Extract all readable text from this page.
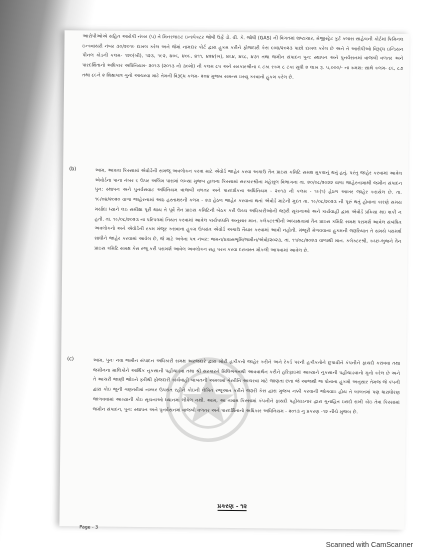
આરોપીઓએ સહિત આરોપી નંબર (૫) તે મિનરલાઇટ ઇન્સ્પેક્ટર જોષી ઉર્ફે ડો. વી. કે. જોષી (GAS) ની વિગતમાં ભ્રષ્ટાચાર, મેજીસ્ટ્રેટ કૂર્ટ ક્લાસ સાહેબની કોર્ટમાં ક્રિમિનલ ઇન્ક્વાયરી નંબર ૩૦/૨૦૧૯ દાખલ કરેલ અને જેમાં નામદાર કોર્ટ દ્વારા હુકમ કરીને ફોજદારી કેસ ૬૦૪/૨૦૨૩ પાછો દાખલ કરેલ છે અને તે આરોપીઓ વિરૂદ્ધ ઇન્ડિયન પીનલ કોડની કલમ- ૧૨૦(બી), ૧૨૩, ૧૯૨, ૪૦૬, ૪૦૯, ૪૧૧, ૪૨૪(ખ), ૪૬૪, ૪૬૮, ૪૭૧ તથા જમીન સંપાદન પુન: સ્થાપન અને પુનર્વસનમાં વાજબી વળતર અને પારદર્શિતાનો અધિકાર અધિનિયમ- ૨૦૧૩ (૨૦૧૩ નો ૩૦મો) ની કલમ ૮૫ અને સરકારશ્રીના ૬ ટકા રકમ ૮ ટકા સુધી ૨ લાખ રૂ. ૫,૦૦૦/- ના ક્રમશ: સાથે કલમ- ૮૬, ૮૭ તથા ૮૯ને ૨ શિક્ષાપાત્ર ગુનો આચરવા માટે તેમની વિરૂદ્ધ કલમ- ૨૦૪ મુજબ સમન્સ ઇસ્યુ કરવાનો હુકમ કરેલ છે.
(b)	આમ, આવતા કિસ્સામાં એવોર્ડની સમજૂ અવલોકન કરવા માટે એવોર્ડ જાહેર કરવા અગાઉ તૈન પ્રાઇસ કમિટિ સમક્ષ મુકવાનું થતું હતું, પરંતુ જાહેર કરવામાં આવેલ એવોર્ડના પાના નંબર ૬ ઉપર અલિમ પારામાં લખ્યા મુજબ હાલના કિસ્સામાં સરકારશ્રીના મહેસૂલ વિભાગના તા. ૨૦/૦૮/૨૦૨૨ વાળા જાહેરનામાથી જમીન સંપાદન પુન: સ્થાપન અને પુનર્વસવાટ અધિનિયમ વાજબી વળતર અને પારદર્શકતા અધિનિયમ - ૨૦૧૩ ની કલમ - ૧૯(૧) હેઠળ આખર જાહેર કરાયેલ છે. તા. ૧૯/૦૪/૨૦૨૦ વાળા જાહેરનામાં આઠ હસ્તાક્ષરની કલમ - ૨૩ હેઠળ જાહેર કરવાના થતાં એવોર્ડ માટેની મુદત તા. ૧૯/૦૮/૨૦૨૩ ની પૂરું થતું હોવાના કારણે સમય મર્યાદા ધ્યાને લઇ સમીક્ષા પૂરી થાય તે પૂર્વે તૈન પ્રાઇસ કમિટિની બેઠક કરી ઉચ્ચ અધિકારીઓની જરૂરી સૂચનાઓ અને કાર્યવાહી દ્વારા એવોર્ડ પ્રક્રિયા થઇ શકી ન હતી. તા. ૧૯/૦૮/૨૦૨૩ ના પરિપત્રમાં નિયત કરવામાં આવેલ કાર્યપધ્ધતિ અનુસાર માન. કલેક્ટરશ્રીની અધ્યક્ષતામાં તૈન પ્રાઇસ કમિટિ સમક્ષ પરામર્શ આવેલ સંબંધિત અવલોકનો અને એવોર્ડની રકમ મંજૂર કરાવાના હુકમ ઉપરાંત એવોર્ડ અગાઉ તૈયાર કરવામાં આવી નહોતી. મંજૂરી મેળવવાના હુકમની જરૂરિયાત તે સમયે પરામર્શ સાધીને જાહેર કરવામાં આવેલ છે, જે માટે અત્રેના પત્ર નંબર: જમન/પ્રવાસભૂમિ/જમીન/એવો/૨૦૨૩, તા. ૧૧/૦૮/૨૦૨૩ વાળાથી માન. કલેક્ટરશ્રી, કચ્છ-ભુજને તૈન પ્રાઇસ કમિટિ સમક્ષ કેસ રજૂ કરી પરામર્શ આવેલ અવલોકન સહ પરત કરવા દરખાસ્ત મોકલી આપવામાં આવેલ છે.
(c)	આમ, પુનઃ નવા જમીન સંપાદન અધિકારી સમક્ષ અરજદારે દ્વારા ખોટી હકીકતો જાહેર કરીને અને રેકર્ડ પરની હકીકતોને છુપાવીને કંપનીને ફાયદો કરાવવા તથા જમીનના માલિકોને આર્થિક નુકસાની પહોંચાડવા તથા શ્રી સરકારને મિલિભગતથી આવવાર્થન કરીને હરિફાઇમાં આવ્યાને નુકસાની પહોંચાડવાનો ગુનો કરેલ છે અને તે આચરી જાણી જોઇને ફરીથી ફોજદારી કાર્યવાહી બાબતની અમલમાં ગેરરીતિ આચરવા માટે જાણતા છતા જે આજથી જ પોતાના હુકમો અનુસાર તેમજ જે કંપની દ્વારા કોઇ જુની ગણતરીમાં નમ્બર ઉપરાંત રહીને કોઇની લેખિત રજૂઆત કરીને જરૂરી કેસ દ્વારા મુજબ નક્કી કરવાની જોગવાઇ હોય તે બાબતમાં પણ ધારાધોરણ જાળવવામાં આવ્યાની કોઇ સૂચનાઓ ધ્યાનમાં લીધેલ નથી. આમ, આ તમામ કિસ્સામાં કંપનીને ફાયદો પહોંચાડનાર દ્વારા ગુનાહિત ઇરાદો રાખી કોઇ તેવા કિસ્સામાં જમીન સંપાદન, પુન: સ્થાપન અને પુનર્વસનમાં વાજબી વળતર અને પારદર્શિતાનો અધિકાર અધિનિયમ - ૨૦૧૩ નુ પ્રકરણ -૧૨ નીચે મુજબ છે.
પ્રકરણ - ૧૨
Page - 3
Scanned with CamScanner
